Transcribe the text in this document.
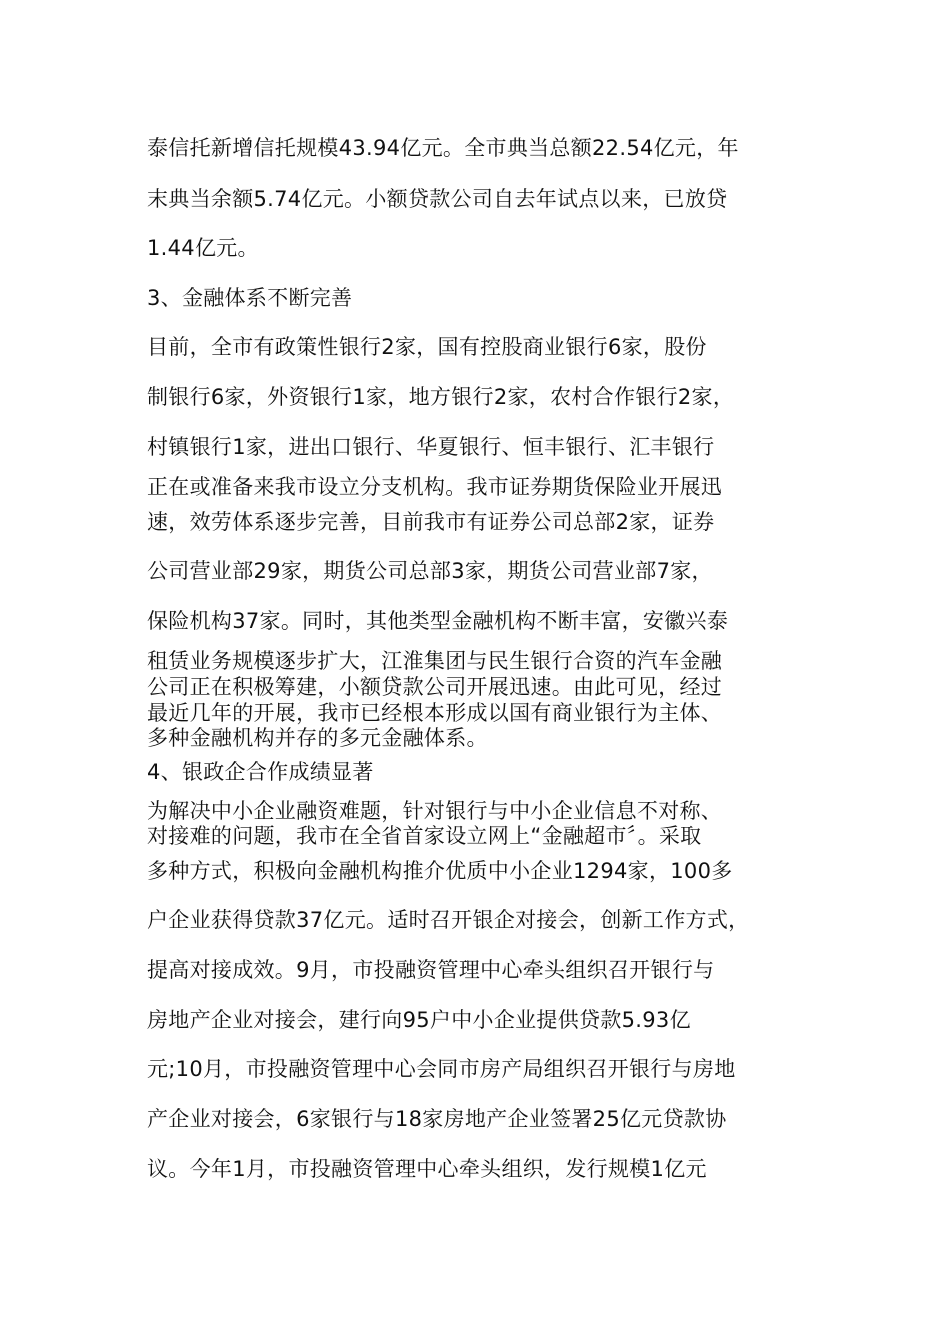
泰信托新增信托规模43.94亿元。全市典当总额22.54亿元，年
末典当余额5.74亿元。小额贷款公司自去年试点以来，已放贷
1.44亿元。
3、金融体系不断完善
目前，全市有政策性银行2家，国有控股商业银行6家，股份
制银行6家，外资银行1家，地方银行2家，农村合作银行2家，
村镇银行1家，进出口银行、华夏银行、恒丰银行、汇丰银行
正在或准备来我市设立分支机构。我市证券期货保险业开展迅
速，效劳体系逐步完善，目前我市有证券公司总部2家，证券
公司营业部29家，期货公司总部3家，期货公司营业部7家，
保险机构37家。同时，其他类型金融机构不断丰富，安徽兴泰
租赁业务规模逐步扩大，江淮集团与民生银行合资的汽车金融
公司正在积极筹建，小额贷款公司开展迅速。由此可见，经过
最近几年的开展，我市已经根本形成以国有商业银行为主体、
多种金融机构并存的多元金融体系。
4、银政企合作成绩显著
为解决中小企业融资难题，针对银行与中小企业信息不对称、
对接难的问题，我市在全省首家设立网上“金融超市〞。采取
多种方式，积极向金融机构推介优质中小企业1294家，100多
户企业获得贷款37亿元。适时召开银企对接会，创新工作方式，
提高对接成效。9月，市投融资管理中心牵头组织召开银行与
房地产企业对接会，建行向95户中小企业提供贷款5.93亿
元;10月，市投融资管理中心会同市房产局组织召开银行与房地
产企业对接会，6家银行与18家房地产企业签署25亿元贷款协
议。今年1月，市投融资管理中心牵头组织，发行规模1亿元
